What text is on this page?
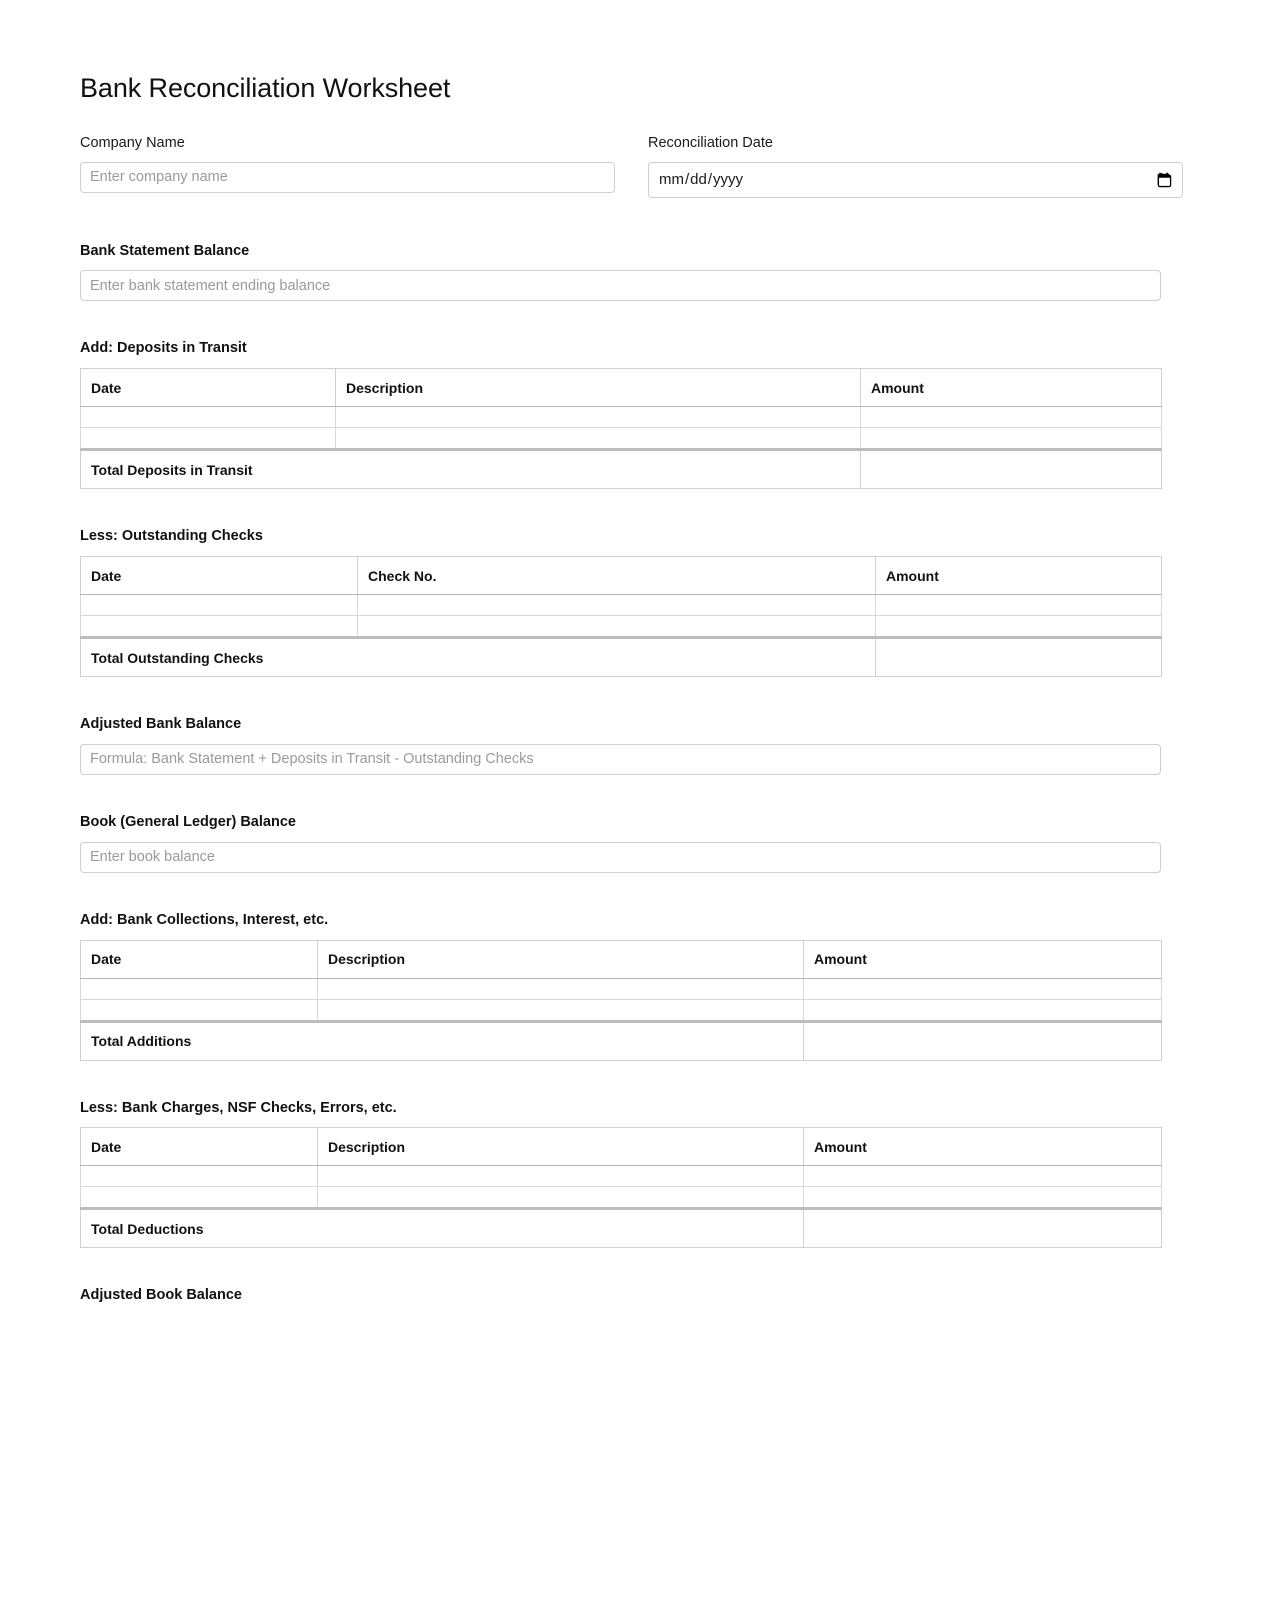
Bank Reconciliation Worksheet
Company Name
Enter company name	Reconciliation Date
mm/dd/yyyy
Bank Statement Balance
Enter bank statement ending balance
Add: Deposits in Transit
Date	Description	Amount

Total Deposits in Transit		
Less: Outstanding Checks
Date	Check No.	Amount

Total Outstanding Checks		
Adjusted Bank Balance
Formula: Bank Statement + Deposits in Transit - Outstanding Checks
Book (General Ledger) Balance
Enter book balance
Add: Bank Collections, Interest, etc.
Date	Description	Amount

Total Additions		
Less: Bank Charges, NSF Checks, Errors, etc.
Date	Description	Amount

Total Deductions		
Adjusted Book Balance
